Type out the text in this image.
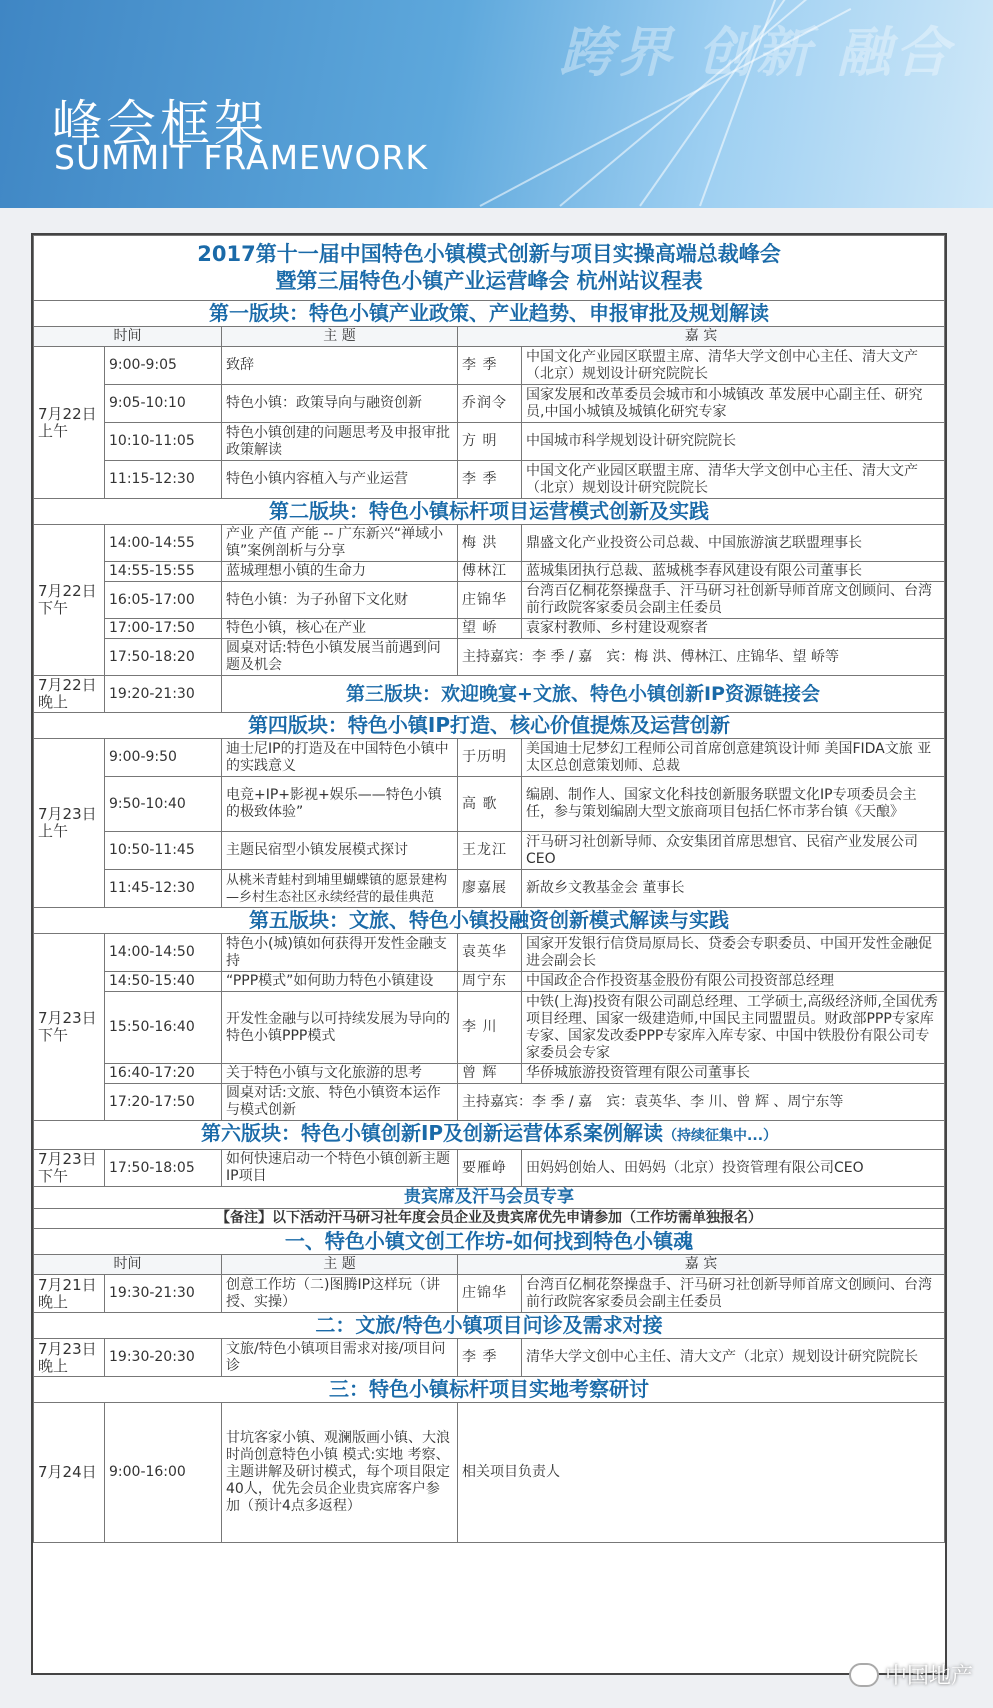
跨界 创新 融合
峰会框架
SUMMIT FRAMEWORK
2017第十一届中国特色小镇模式创新与项目实操高端总裁峰会
暨第三届特色小镇产业运营峰会 杭州站议程表				

第一版块：特色小镇产业政策、产业趋势、申报审批及规划解读				
时间		主 题	嘉 宾	
7月22日上午	9:00-9:05	致辞	李 季	中国文化产业园区联盟主席、清华大学文创中心主任、清大文产（北京）规划设计研究院院长
	9:05-10:10	特色小镇：政策导向与融资创新	乔润令	国家发展和改革委员会城市和小城镇改 革发展中心副主任、研究员,中国小城镇及城镇化研究专家
	10:10-11:05	特色小镇创建的问题思考及申报审批政策解读	方 明	中国城市科学规划设计研究院院长
	11:15-12:30	特色小镇内容植入与产业运营	李 季	中国文化产业园区联盟主席、清华大学文创中心主任、清大文产（北京）规划设计研究院院长
第二版块：特色小镇标杆项目运营模式创新及实践				
7月22日下午	14:00-14:55	产业 产值 产能 -- 广东新兴“禅域小镇”案例剖析与分享	梅 洪	鼎盛文化产业投资公司总裁、中国旅游演艺联盟理事长
	14:55-15:55	蓝城理想小镇的生命力	傅林江	蓝城集团执行总裁、蓝城桃李春风建设有限公司董事长
	16:05-17:00	特色小镇：为子孙留下文化财	庄锦华	台湾百亿桐花祭操盘手、汗马研习社创新导师首席文创顾问、台湾前行政院客家委员会副主任委员
	17:00-17:50	特色小镇，核心在产业	望 峤	袁家村教师、乡村建设观察者
	17:50-18:20	圆桌对话:特色小镇发展当前遇到问题及机会	主持嘉宾：李 季 / 嘉　宾：梅 洪、傅林江、庄锦华、望 峤等	
7月22日晚上	19:20-21:30	第三版块：欢迎晚宴+文旅、特色小镇创新IP资源链接会		
第四版块：特色小镇IP打造、核心价值提炼及运营创新				
7月23日上午	9:00-9:50	迪士尼IP的打造及在中国特色小镇中的实践意义	于历明	美国迪士尼梦幻工程师公司首席创意建筑设计师 美国FIDA文旅 亚太区总创意策划师、总裁
	9:50-10:40	电竞+IP+影视+娱乐——特色小镇的极致体验”	高 歌	编剧、制作人、国家文化科技创新服务联盟文化IP专项委员会主任，参与策划编剧大型文旅商项目包括仁怀市茅台镇《天酿》
	10:50-11:45	主题民宿型小镇发展模式探讨	王龙江	汗马研习社创新导师、众安集团首席思想官、民宿产业发展公司CEO
	11:45-12:30	从桃米青蛙村到埔里蝴蝶镇的愿景建构—乡村生态社区永续经营的最佳典范	廖嘉展	新故乡文教基金会 董事长
第五版块：文旅、特色小镇投融资创新模式解读与实践				
7月23日下午	14:00-14:50	特色小(城)镇如何获得开发性金融支持	袁英华	国家开发银行信贷局原局长、贷委会专职委员、中国开发性金融促进会副会长
	14:50-15:40	“PPP模式”如何助力特色小镇建设	周宁东	中国政企合作投资基金股份有限公司投资部总经理
	15:50-16:40	开发性金融与以可持续发展为导向的特色小镇PPP模式	李 川	中铁(上海)投资有限公司副总经理、工学硕士,高级经济师,全国优秀项目经理、国家一级建造师,中国民主同盟盟员。财政部PPP专家库专家、国家发改委PPP专家库入库专家、中国中铁股份有限公司专家委员会专家
	16:40-17:20	关于特色小镇与文化旅游的思考	曾 辉	华侨城旅游投资管理有限公司董事长
	17:20-17:50	圆桌对话:文旅、特色小镇资本运作与模式创新	主持嘉宾：李 季 / 嘉　宾：袁英华、李 川、曾 辉 、周宁东等	
第六版块：特色小镇创新IP及创新运营体系案例解读（持续征集中...）				
7月23日下午	17:50-18:05	如何快速启动一个特色小镇创新主题IP项目	要雁峥	田妈妈创始人、田妈妈（北京）投资管理有限公司CEO
贵宾席及汗马会员专享				
【备注】以下活动汗马研习社年度会员企业及贵宾席优先申请参加（工作坊需单独报名）				
一、特色小镇文创工作坊-如何找到特色小镇魂				
时间		主 题	嘉 宾	
7月21日晚上	19:30-21:30	创意工作坊（二)图腾IP这样玩（讲授、实操）	庄锦华	台湾百亿桐花祭操盘手、汗马研习社创新导师首席文创顾问、台湾前行政院客家委员会副主任委员
二：文旅/特色小镇项目问诊及需求对接				
7月23日晚上	19:30-20:30	文旅/特色小镇项目需求对接/项目问诊	李 季	清华大学文创中心主任、清大文产（北京）规划设计研究院院长
三：特色小镇标杆项目实地考察研讨				
7月24日	9:00-16:00	甘坑客家小镇、观澜版画小镇、大浪时尚创意特色小镇 模式:实地 考察、主题讲解及研讨模式，每个项目限定40人，优先会员企业贵宾席客户参加（预计4点多返程）	相关项目负责人	
中国地产
